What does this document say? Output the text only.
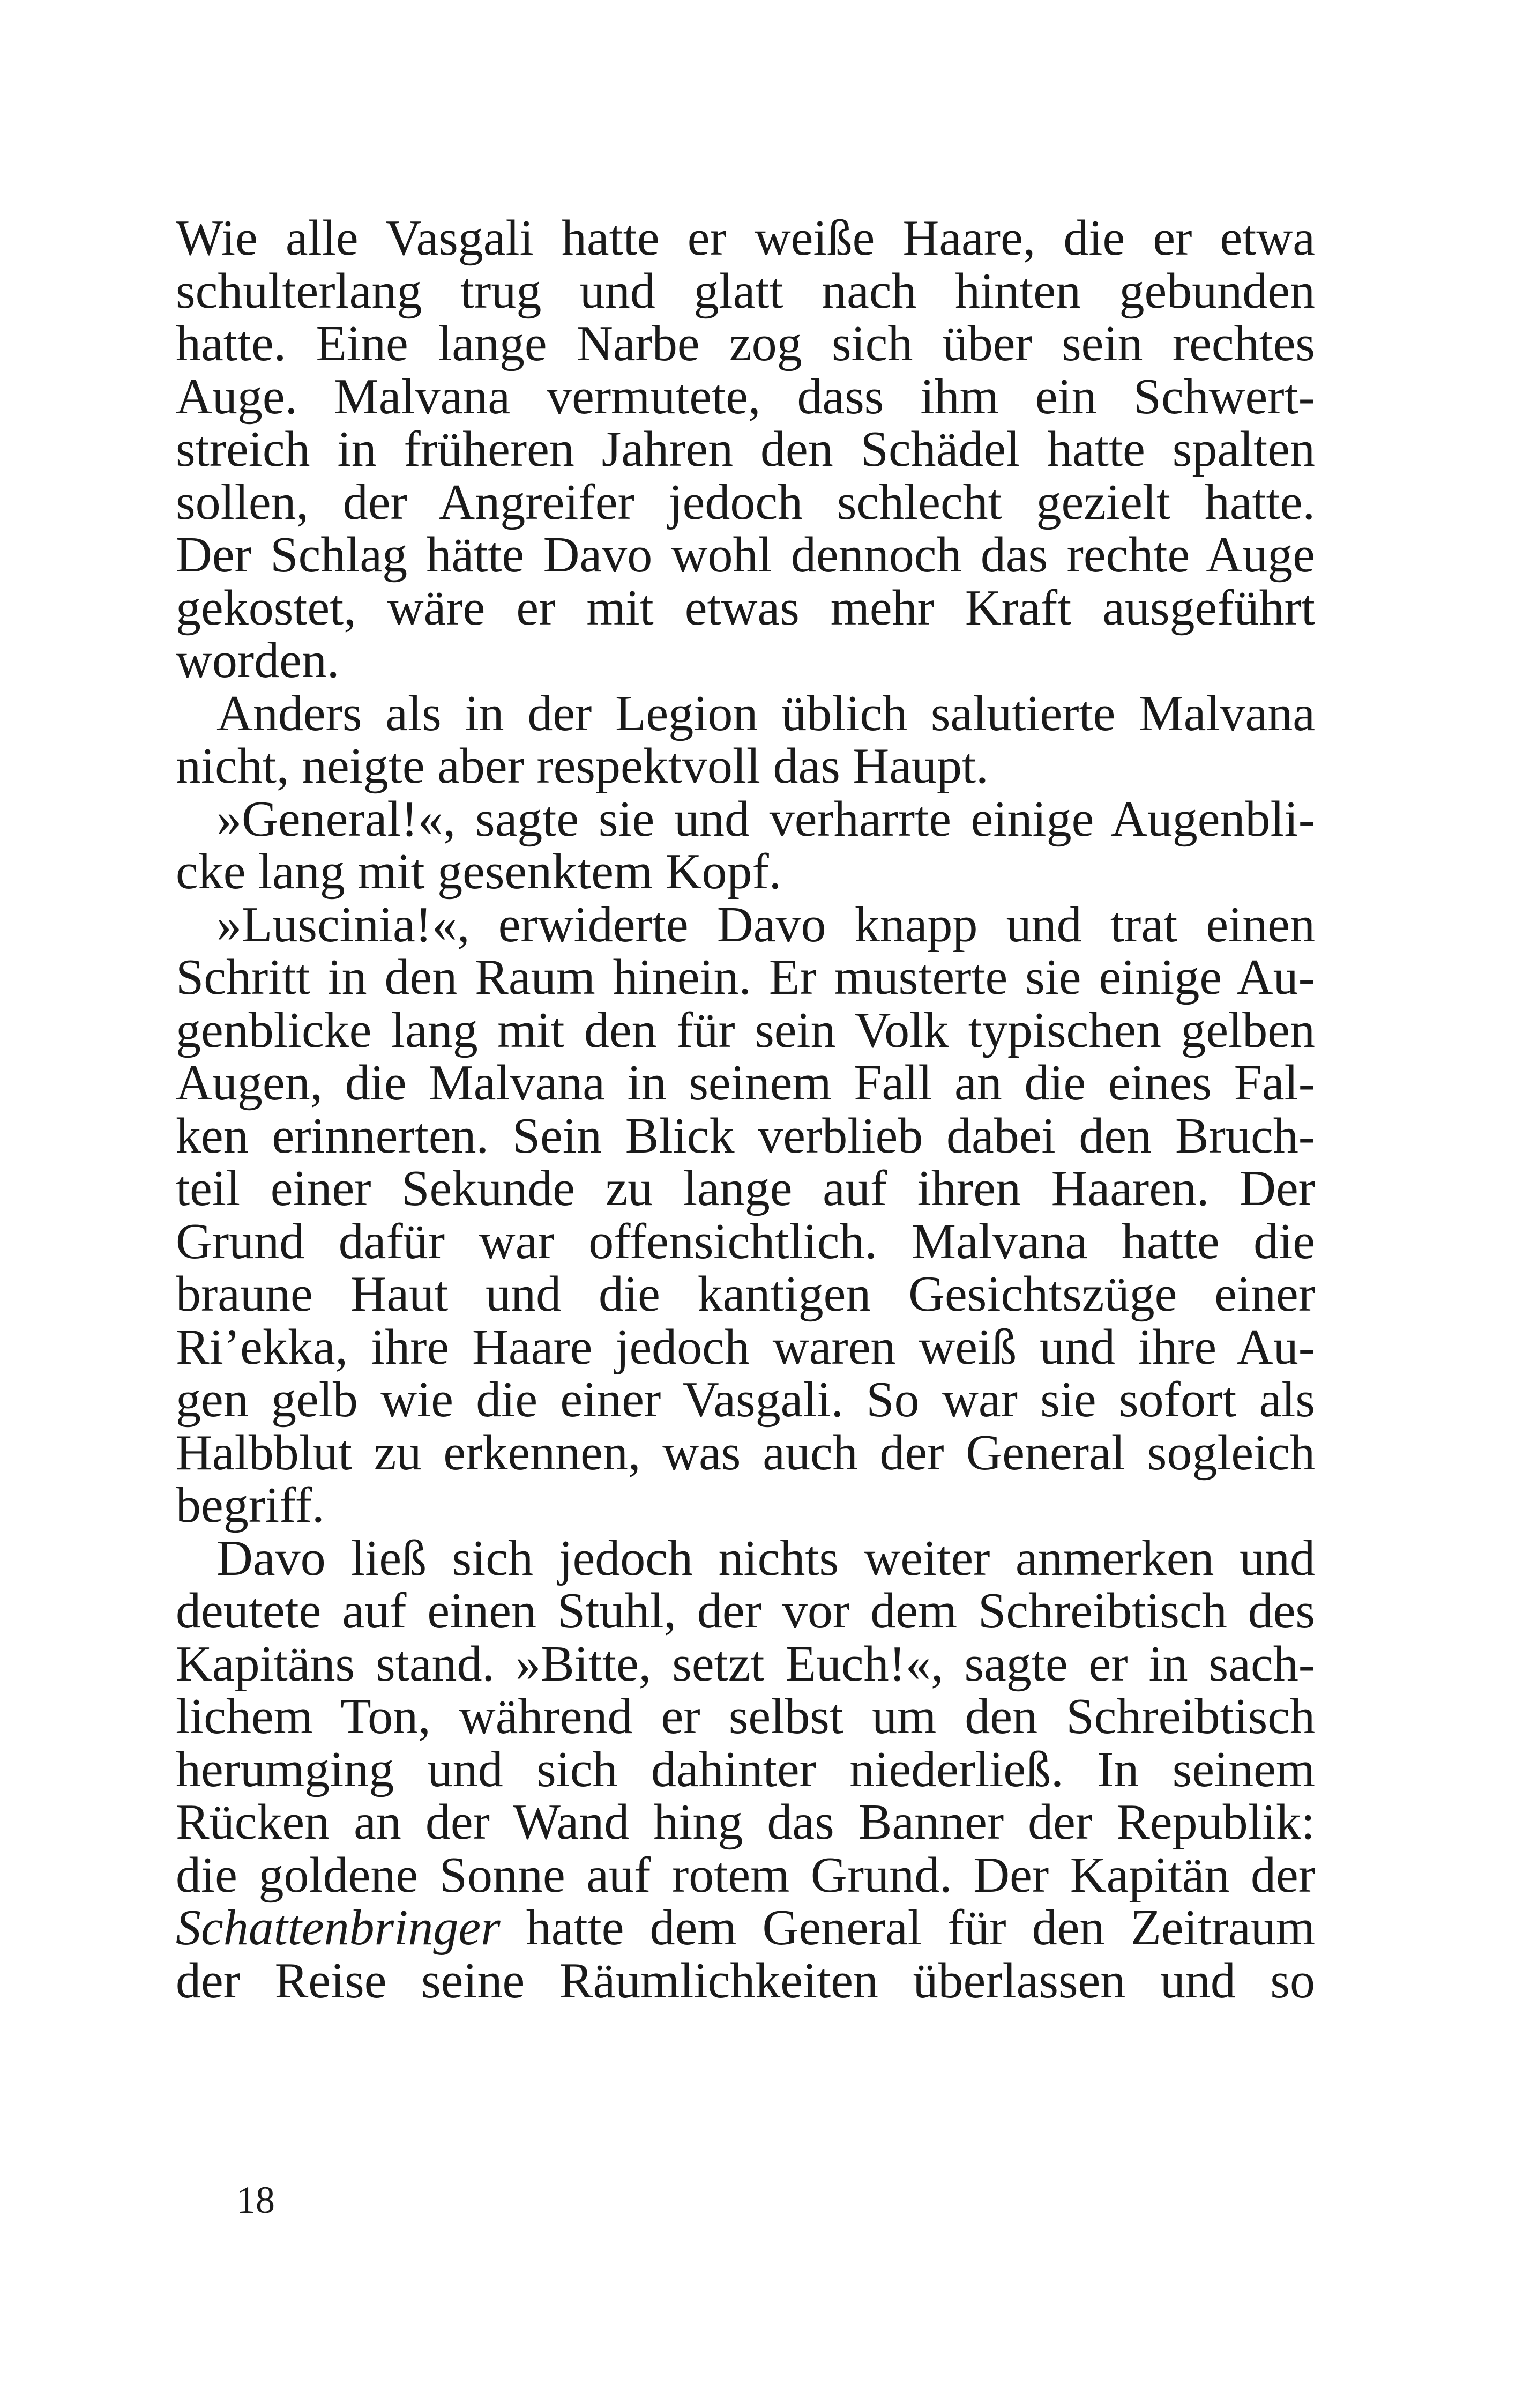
Wie alle Vasgali hatte er weiße Haare, die er etwa
schulterlang trug und glatt nach hinten gebunden
hatte. Eine lange Narbe zog sich über sein rechtes
Auge. Malvana vermutete, dass ihm ein Schwert-
streich in früheren Jahren den Schädel hatte spalten
sollen, der Angreifer jedoch schlecht gezielt hatte.
Der Schlag hätte Davo wohl dennoch das rechte Auge
gekostet, wäre er mit etwas mehr Kraft ausgeführt
worden.
Anders als in der Legion üblich salutierte Malvana
nicht, neigte aber respektvoll das Haupt.
»General!«, sagte sie und verharrte einige Augenbli-
cke lang mit gesenktem Kopf.
»Luscinia!«, erwiderte Davo knapp und trat einen
Schritt in den Raum hinein. Er musterte sie einige Au-
genblicke lang mit den für sein Volk typischen gelben
Augen, die Malvana in seinem Fall an die eines Fal-
ken erinnerten. Sein Blick verblieb dabei den Bruch-
teil einer Sekunde zu lange auf ihren Haaren. Der
Grund dafür war offensichtlich. Malvana hatte die
braune Haut und die kantigen Gesichtszüge einer
Ri’ekka, ihre Haare jedoch waren weiß und ihre Au-
gen gelb wie die einer Vasgali. So war sie sofort als
Halbblut zu erkennen, was auch der General sogleich
begriff.
Davo ließ sich jedoch nichts weiter anmerken und
deutete auf einen Stuhl, der vor dem Schreibtisch des
Kapitäns stand. »Bitte, setzt Euch!«, sagte er in sach-
lichem Ton, während er selbst um den Schreibtisch
herumging und sich dahinter niederließ. In seinem
Rücken an der Wand hing das Banner der Republik:
die goldene Sonne auf rotem Grund. Der Kapitän der
Schattenbringer hatte dem General für den Zeitraum
der Reise seine Räumlichkeiten überlassen und so
18
